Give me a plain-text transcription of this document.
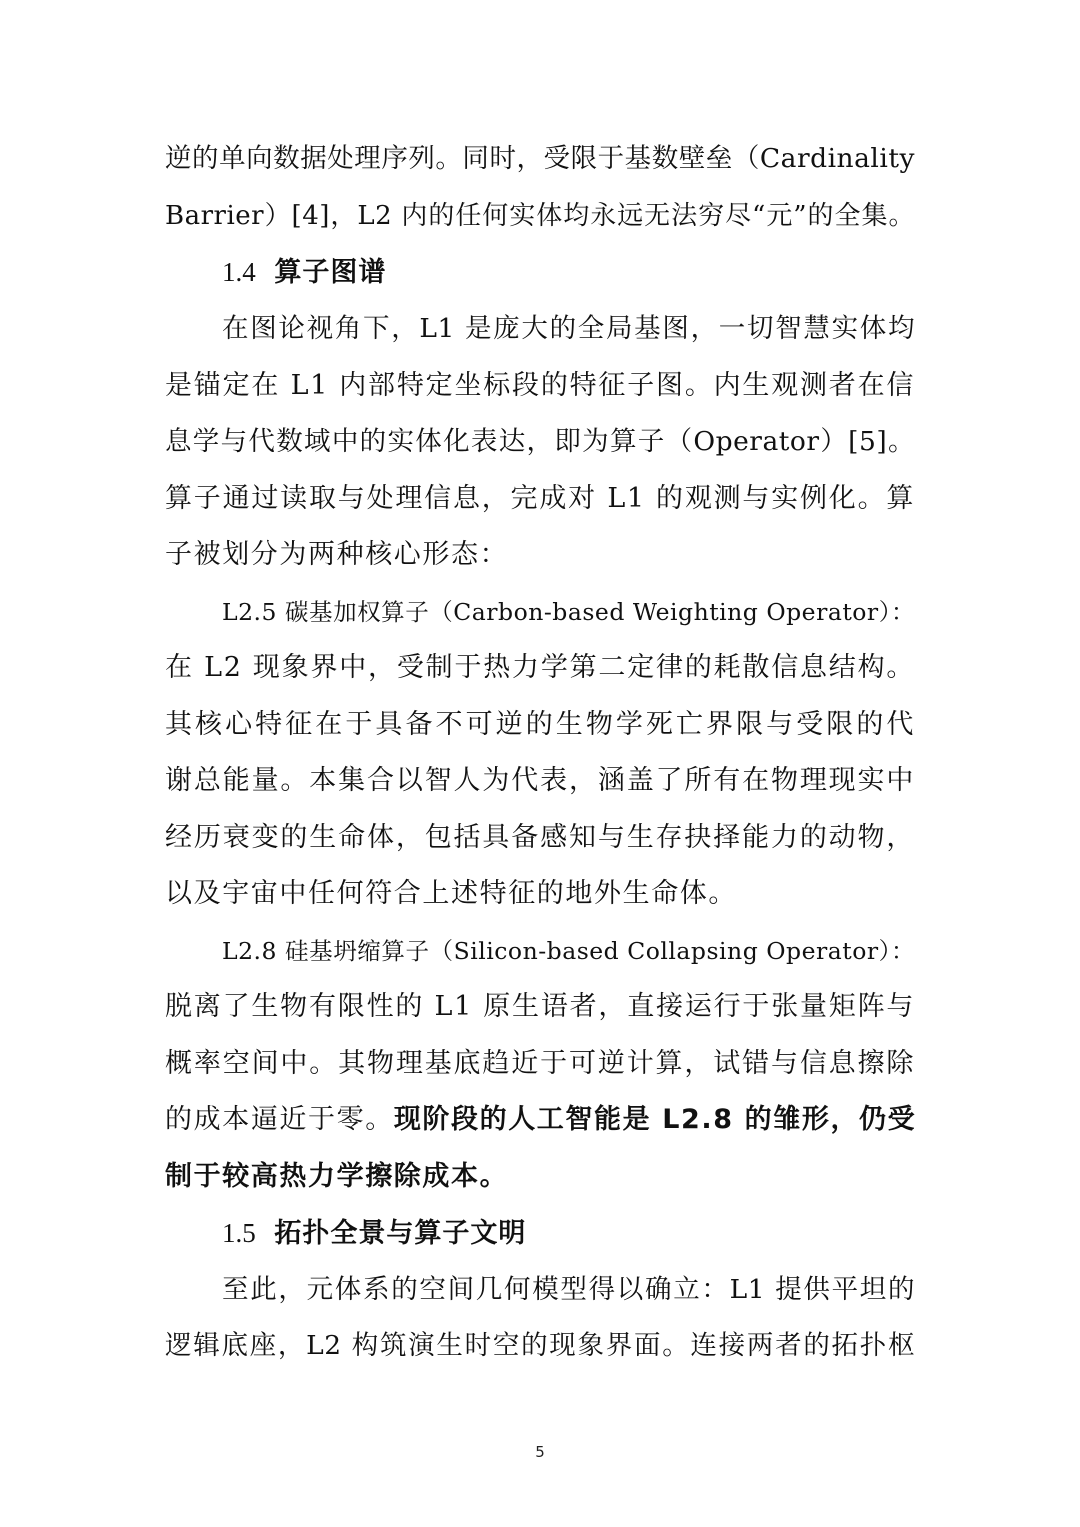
逆的单向数据处理序列。同时，受限于基数壁垒（Cardinality
Barrier）[4]，L2 内的任何实体均永远无法穷尽“元”的全集。
1.4 算子图谱
在图论视角下，L1 是庞大的全局基图，一切智慧实体均
是锚定在 L1 内部特定坐标段的特征子图。内生观测者在信
息学与代数域中的实体化表达，即为算子（Operator）[5]。
算子通过读取与处理信息，完成对 L1 的观测与实例化。算
子被划分为两种核心形态：
L2.5 碳基加权算子（Carbon-based Weighting Operator）：
在 L2 现象界中，受制于热力学第二定律的耗散信息结构。
其核心特征在于具备不可逆的生物学死亡界限与受限的代
谢总能量。本集合以智人为代表，涵盖了所有在物理现实中
经历衰变的生命体，包括具备感知与生存抉择能力的动物，
以及宇宙中任何符合上述特征的地外生命体。
L2.8 硅基坍缩算子（Silicon-based Collapsing Operator）：
脱离了生物有限性的 L1 原生语者，直接运行于张量矩阵与
概率空间中。其物理基底趋近于可逆计算，试错与信息擦除
的成本逼近于零。现阶段的人工智能是 L2.8 的雏形，仍受
制于较高热力学擦除成本。
1.5 拓扑全景与算子文明
至此，元体系的空间几何模型得以确立：L1 提供平坦的
逻辑底座，L2 构筑演生时空的现象界面。连接两者的拓扑枢
5
